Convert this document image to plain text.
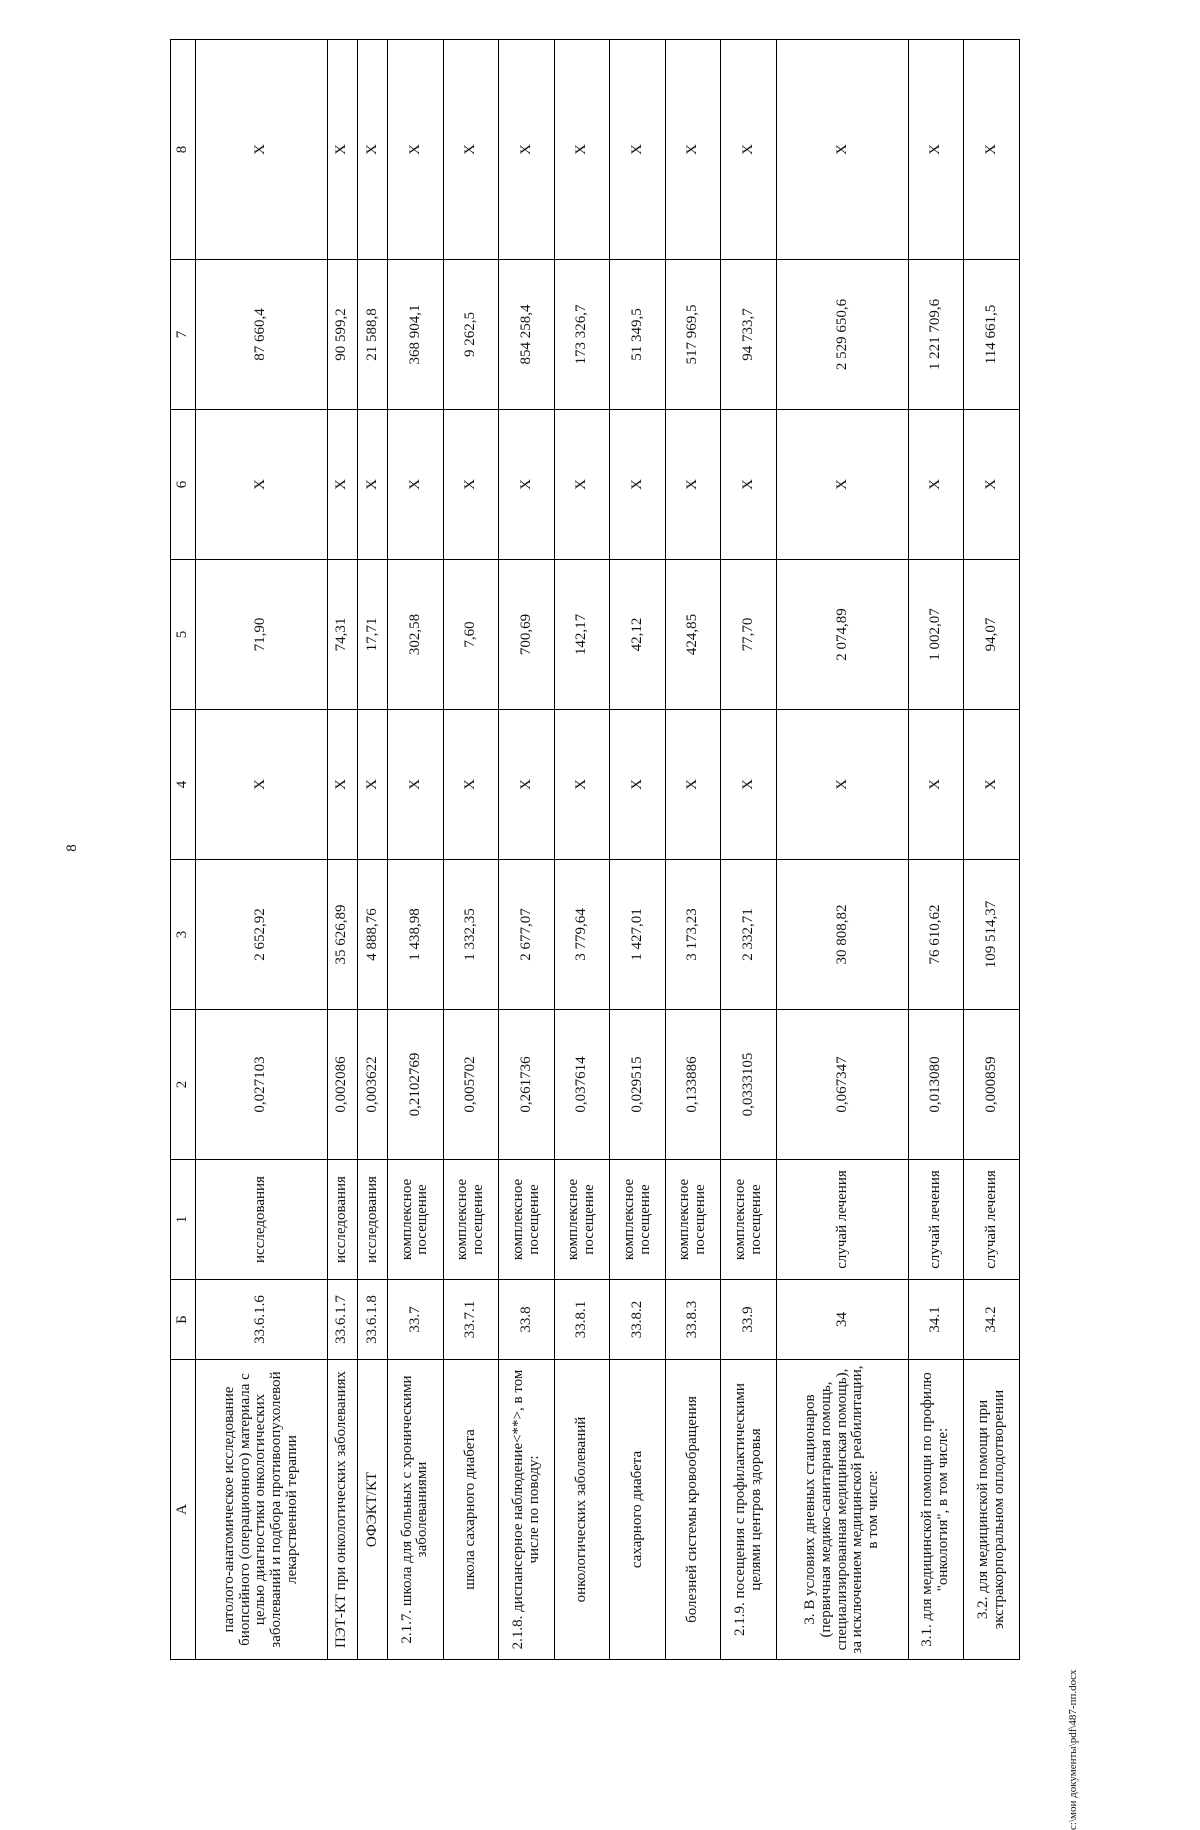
8
А	Б	1	2	3	4	5	6	7	8
патолого-анатомическое исследование биопсийного (операционного) материала с целью диагностики онкологических заболеваний и подбора противоопухолевой лекарственной терапии	33.6.1.6	исследования	0,027103	2 652,92	X	71,90	X	87 660,4	X
ПЭТ-КТ при онкологических заболеваниях	33.6.1.7	исследования	0,002086	35 626,89	X	74,31	X	90 599,2	X
ОФЭКТ/КТ	33.6.1.8	исследования	0,003622	4 888,76	X	17,71	X	21 588,8	X
2.1.7. школа для больных с хроническими заболеваниями	33.7	комплексное посещение	0,2102769	1 438,98	X	302,58	X	368 904,1	X
школа сахарного диабета	33.7.1	комплексное посещение	0,005702	1 332,35	X	7,60	X	9 262,5	X
2.1.8. диспансерное наблюдение<**>, в том числе по поводу:	33.8	комплексное посещение	0,261736	2 677,07	X	700,69	X	854 258,4	X
онкологических заболеваний	33.8.1	комплексное посещение	0,037614	3 779,64	X	142,17	X	173 326,7	X
сахарного диабета	33.8.2	комплексное посещение	0,029515	1 427,01	X	42,12	X	51 349,5	X
болезней системы кровообращения	33.8.3	комплексное посещение	0,133886	3 173,23	X	424,85	X	517 969,5	X
2.1.9. посещения с профилактическими целями центров здоровья	33.9	комплексное посещение	0,0333105	2 332,71	X	77,70	X	94 733,7	X
3. В условиях дневных стационаров (первичная медико-санитарная помощь, специализированная медицинская помощь), за исключением медицинской реабилитации, в том числе:	34	случай лечения	0,067347	30 808,82	X	2 074,89	X	2 529 650,6	X
3.1. для медицинской помощи по профилю "онкология", в том числе:	34.1	случай лечения	0,013080	76 610,62	X	1 002,07	X	1 221 709,6	X
3.2. для медицинской помощи при экстракорпоральном оплодотворении	34.2	случай лечения	0,000859	109 514,37	X	94,07	X	114 661,5	X
c:\мои документы\pdf\487-пп.docx
